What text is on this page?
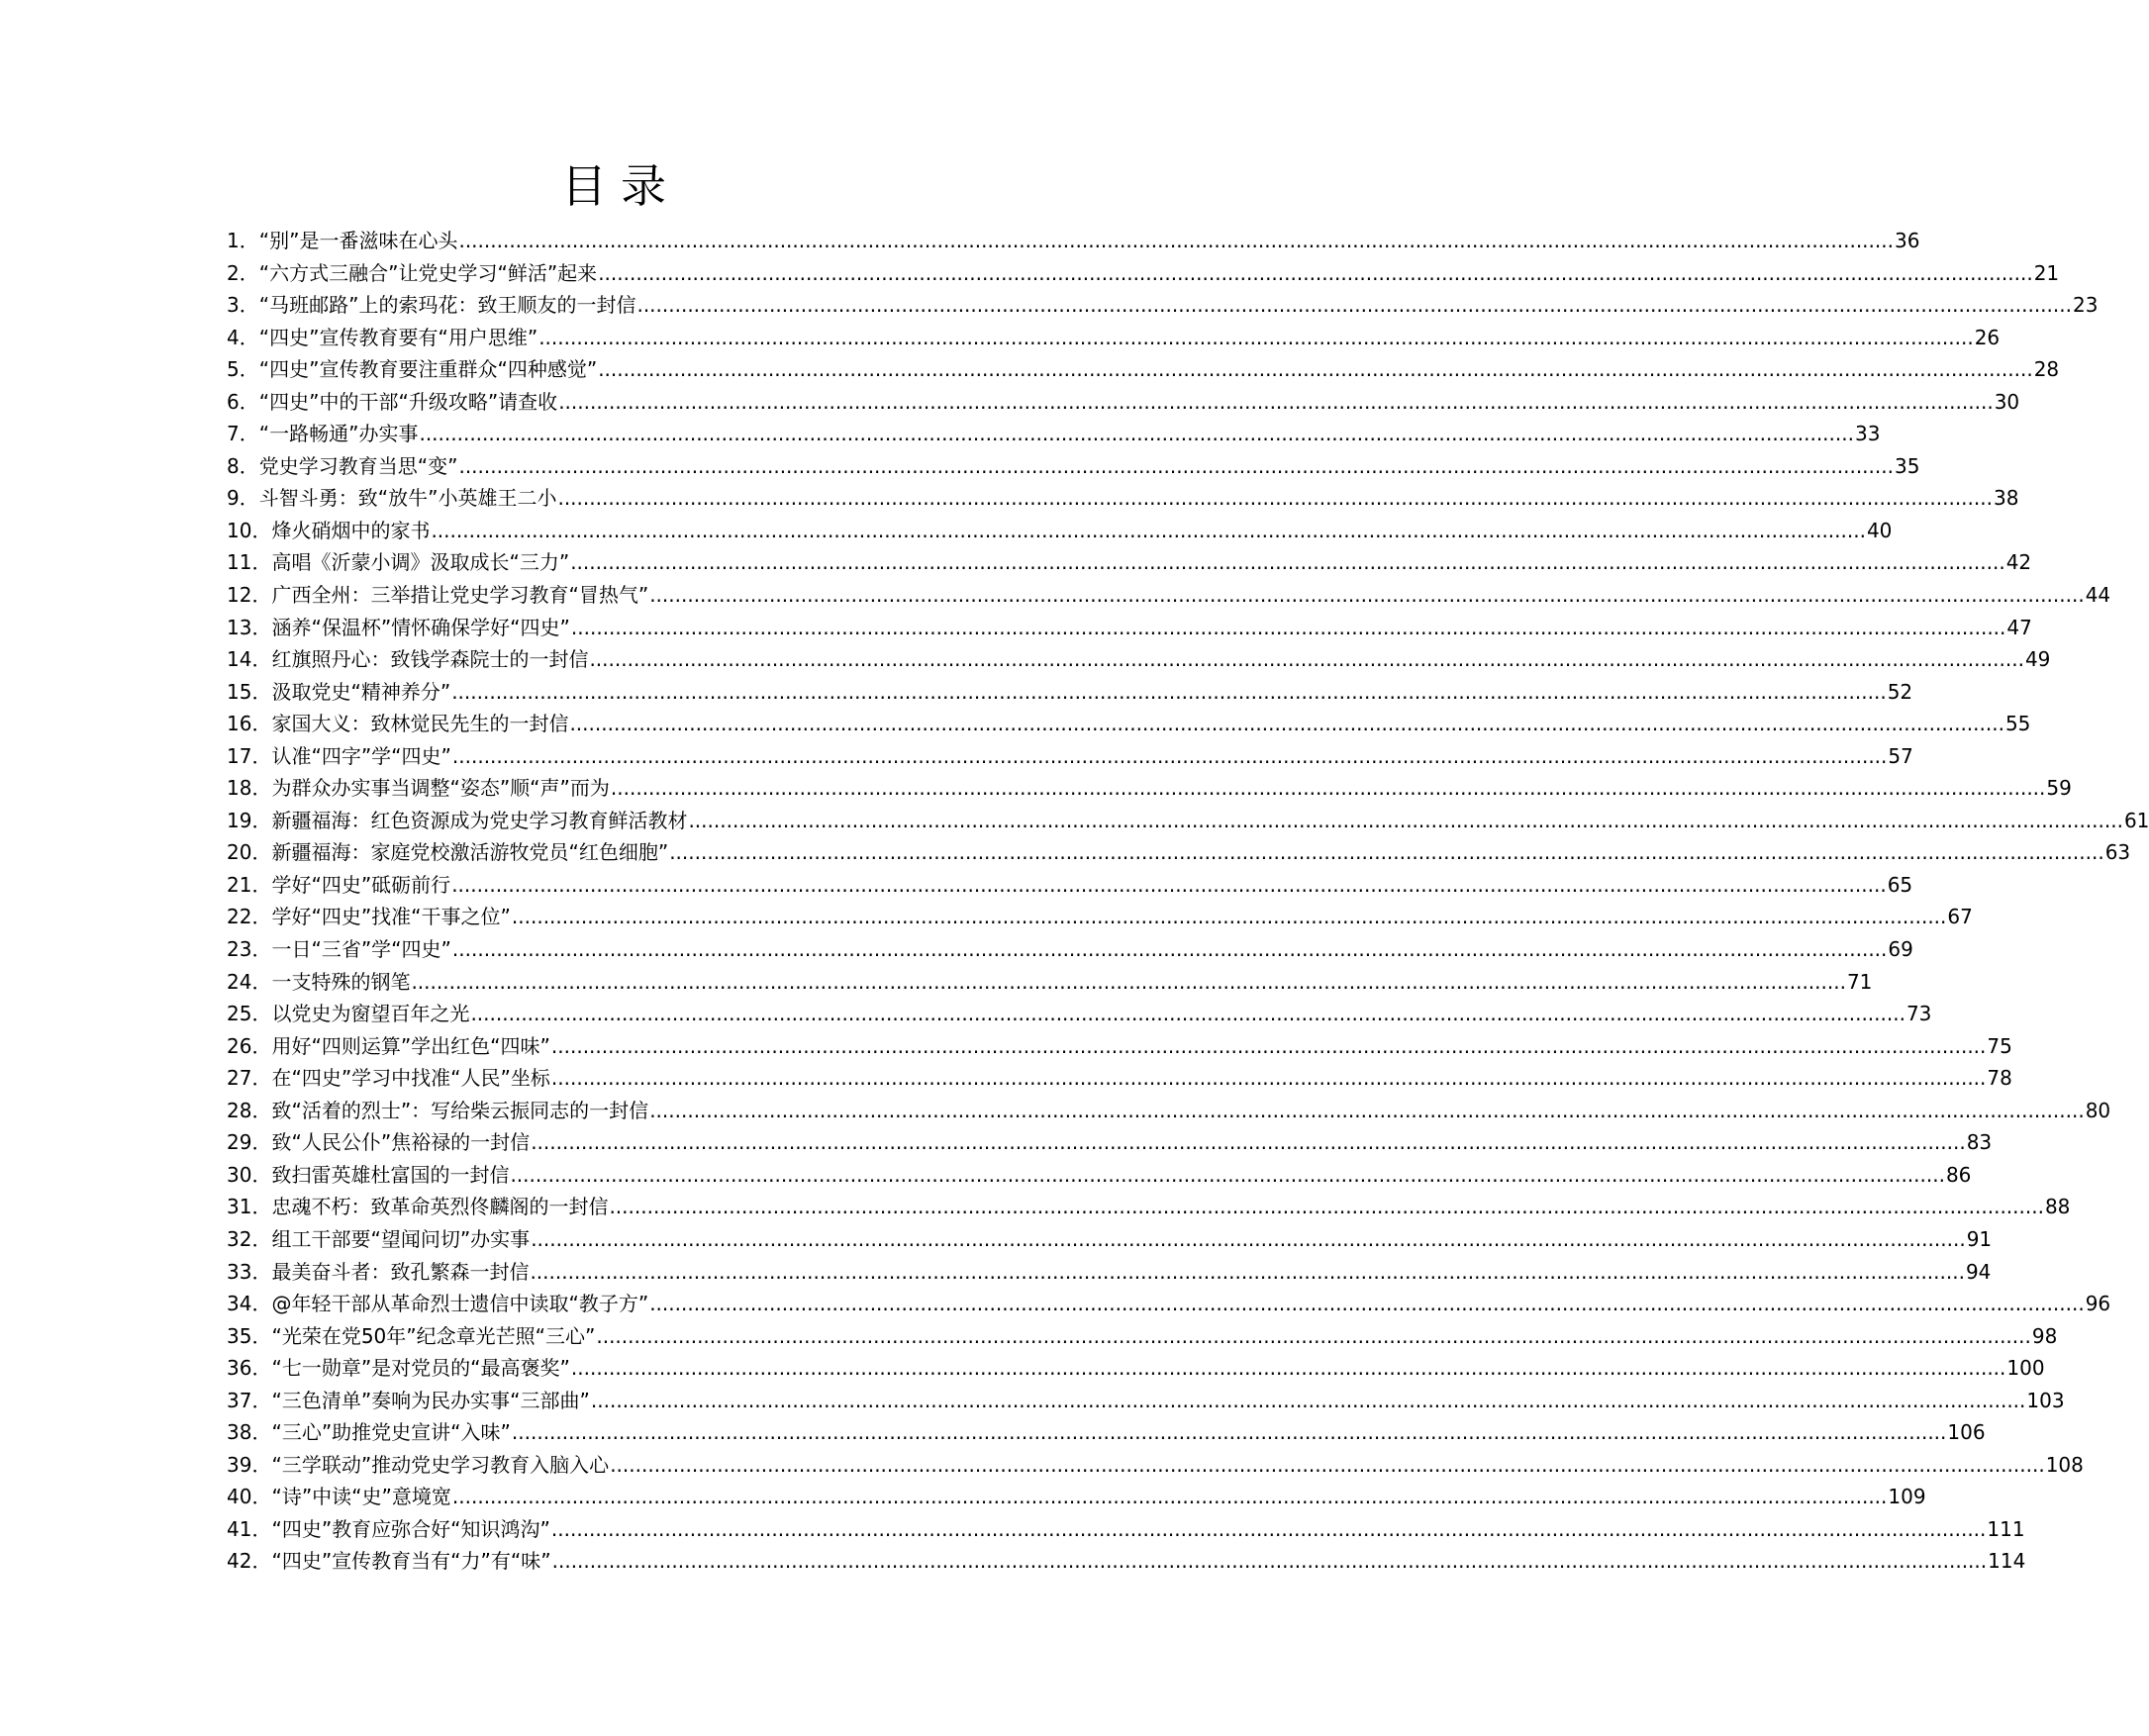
目录
1． “别”是一番滋味在心头 .....	36
2． “六方式三融合”让党史学习“鲜活”起来 .....	21
3． “马班邮路”上的索玛花：致王顺友的一封信 .....	23
4． “四史”宣传教育要有“用户思维” .....	26
5． “四史”宣传教育要注重群众“四种感觉” .....	28
6． “四史”中的干部“升级攻略”请查收 .....	30
7． “一路畅通”办实事 .....	33
8． 党史学习教育当思“变” .....	35
9． 斗智斗勇：致“放牛”小英雄王二小 .....	38
10． 烽火硝烟中的家书 .....	40
11． 高唱《沂蒙小调》汲取成长“三力” .....	42
12． 广西全州：三举措让党史学习教育“冒热气” .....	44
13． 涵养“保温杯”情怀确保学好“四史” .....	47
14． 红旗照丹心：致钱学森院士的一封信 .....	49
15． 汲取党史“精神养分” .....	52
16． 家国大义：致林觉民先生的一封信 .....	55
17． 认准“四字”学“四史” .....	57
18． 为群众办实事当调整“姿态”顺“声”而为 .....	59
19． 新疆福海：红色资源成为党史学习教育鲜活教材 .....	61
20． 新疆福海：家庭党校激活游牧党员“红色细胞” .....	63
21． 学好“四史”砥砺前行 .....	65
22． 学好“四史”找准“干事之位” .....	67
23． 一日“三省”学“四史” .....	69
24． 一支特殊的钢笔 .....	71
25． 以党史为窗望百年之光 .....	73
26． 用好“四则运算”学出红色“四味” .....	75
27． 在“四史”学习中找准“人民”坐标 .....	78
28． 致“活着的烈士”：写给柴云振同志的一封信 .....	80
29． 致“人民公仆”焦裕禄的一封信 .....	83
30． 致扫雷英雄杜富国的一封信 .....	86
31． 忠魂不朽：致革命英烈佟麟阁的一封信 .....	88
32． 组工干部要“望闻问切”办实事 .....	91
33． 最美奋斗者：致孔繁森一封信 .....	94
34． @年轻干部从革命烈士遗信中读取“教子方” .....	96
35． “光荣在党50年”纪念章光芒照“三心” .....	98
36． “七一勋章”是对党员的“最高褒奖” .....	100
37． “三色清单”奏响为民办实事“三部曲” .....	103
38． “三心”助推党史宣讲“入味” .....	106
39． “三学联动”推动党史学习教育入脑入心 .....	108
40． “诗”中读“史”意境宽 .....	109
41． “四史”教育应弥合好“知识鸿沟” .....	111
42． “四史”宣传教育当有“力”有“味” .....	114
